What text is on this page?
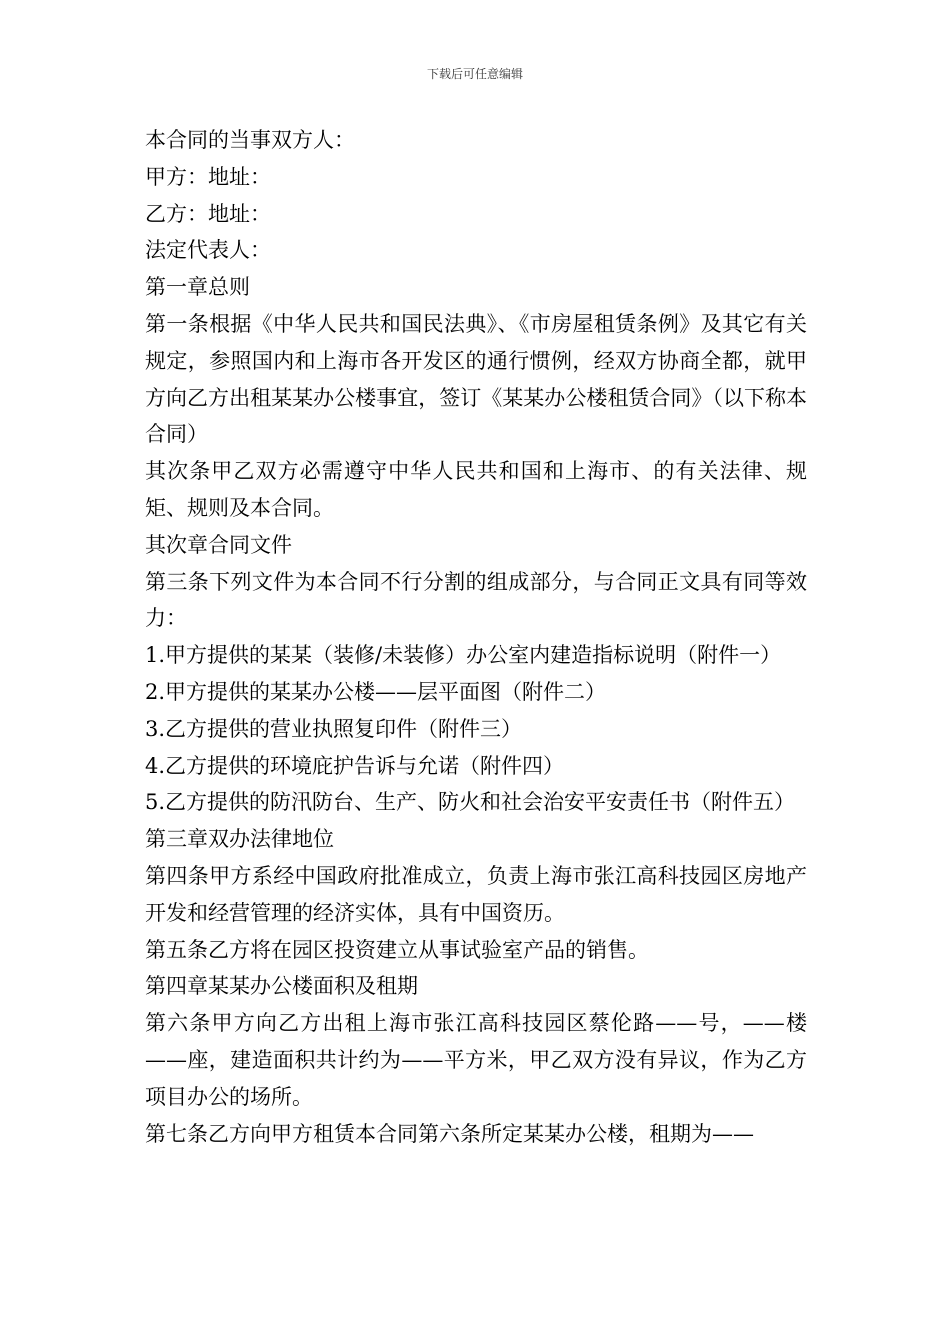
下载后可任意编辑

本合同的当事双方人：

甲方：地址：

乙方：地址：

法定代表人：

第一章总则

第一条根据《中华人民共和国民法典》、《市房屋租赁条例》及其它有关规定，参照国内和上海市各开发区的通行惯例，经双方协商全都，就甲方向乙方出租某某办公楼事宜，签订《某某办公楼租赁合同》（以下称本合同）

其次条甲乙双方必需遵守中华人民共和国和上海市、的有关法律、规矩、规则及本合同。

其次章合同文件

第三条下列文件为本合同不行分割的组成部分，与合同正文具有同等效力：

1.甲方提供的某某（装修/未装修）办公室内建造指标说明（附件一）

2.甲方提供的某某办公楼——层平面图（附件二）

3.乙方提供的营业执照复印件（附件三）

4.乙方提供的环境庇护告诉与允诺（附件四）

5.乙方提供的防汛防台、生产、防火和社会治安平安责任书（附件五）

第三章双办法律地位

第四条甲方系经中国政府批准成立，负责上海市张江高科技园区房地产开发和经营管理的经济实体，具有中国资历。

第五条乙方将在园区投资建立从事试验室产品的销售。

第四章某某办公楼面积及租期

第六条甲方向乙方出租上海市张江高科技园区蔡伦路——号，——楼——座，建造面积共计约为——平方米，甲乙双方没有异议，作为乙方项目办公的场所。

第七条乙方向甲方租赁本合同第六条所定某某办公楼，租期为——
